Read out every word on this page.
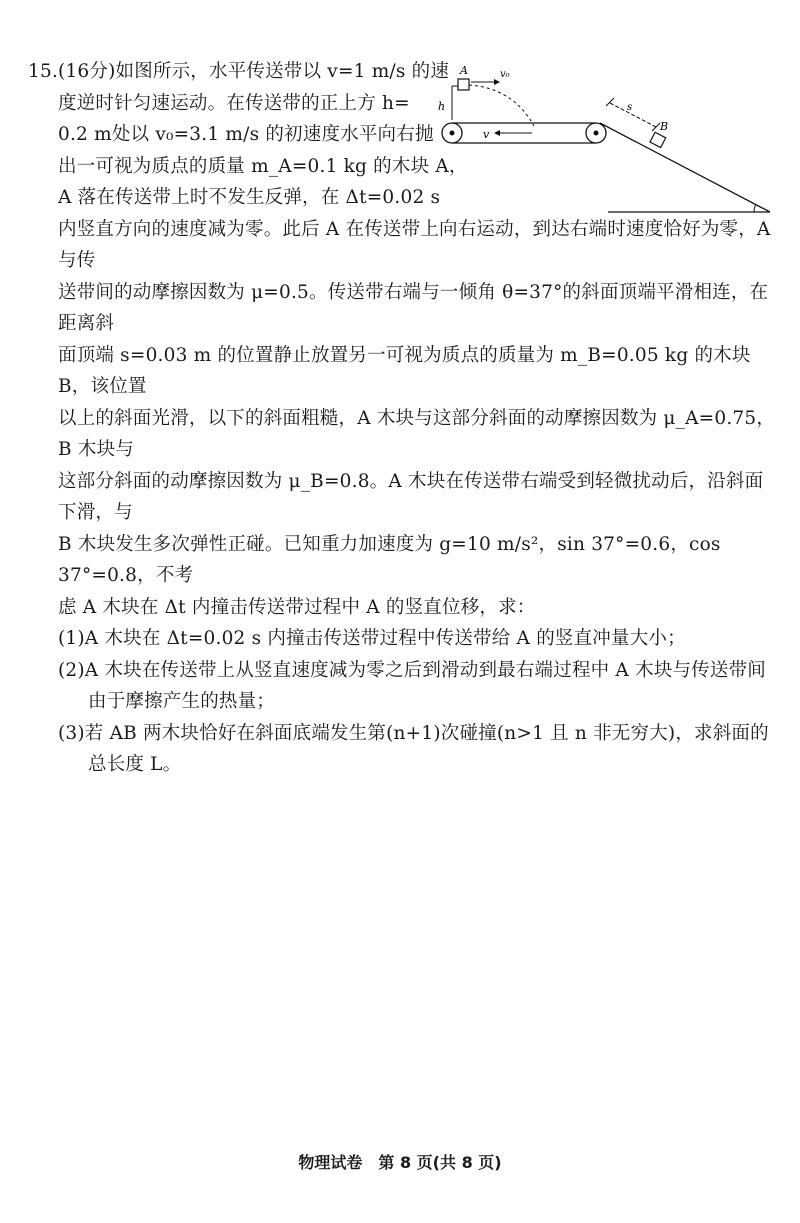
A	v₀
h
v
s
B
15.(16分)如图所示，水平传送带以 v=1 m/s 的速
度逆时针匀速运动。在传送带的正上方 h=
0.2 m处以 v₀=3.1 m/s 的初速度水平向右抛
出一可视为质点的质量 m_A=0.1 kg 的木块 A，
A 落在传送带上时不发生反弹，在 Δt=0.02 s
内竖直方向的速度减为零。此后 A 在传送带上向右运动，到达右端时速度恰好为零，A 与传
送带间的动摩擦因数为 μ=0.5。传送带右端与一倾角 θ=37°的斜面顶端平滑相连，在距离斜
面顶端 s=0.03 m 的位置静止放置另一可视为质点的质量为 m_B=0.05 kg 的木块 B，该位置
以上的斜面光滑，以下的斜面粗糙，A 木块与这部分斜面的动摩擦因数为 μ_A=0.75，B 木块与
这部分斜面的动摩擦因数为 μ_B=0.8。A 木块在传送带右端受到轻微扰动后，沿斜面下滑，与
B 木块发生多次弹性正碰。已知重力加速度为 g=10 m/s²，sin 37°=0.6，cos 37°=0.8，不考
虑 A 木块在 Δt 内撞击传送带过程中 A 的竖直位移，求：

(1)A 木块在 Δt=0.02 s 内撞击传送带过程中传送带给 A 的竖直冲量大小；

(2)A 木块在传送带上从竖直速度减为零之后到滑动到最右端过程中 A 木块与传送带间由于摩擦产生的热量；

(3)若 AB 两木块恰好在斜面底端发生第(n+1)次碰撞(n>1 且 n 非无穷大)，求斜面的总长度 L。

物理试卷　第 8 页(共 8 页)
